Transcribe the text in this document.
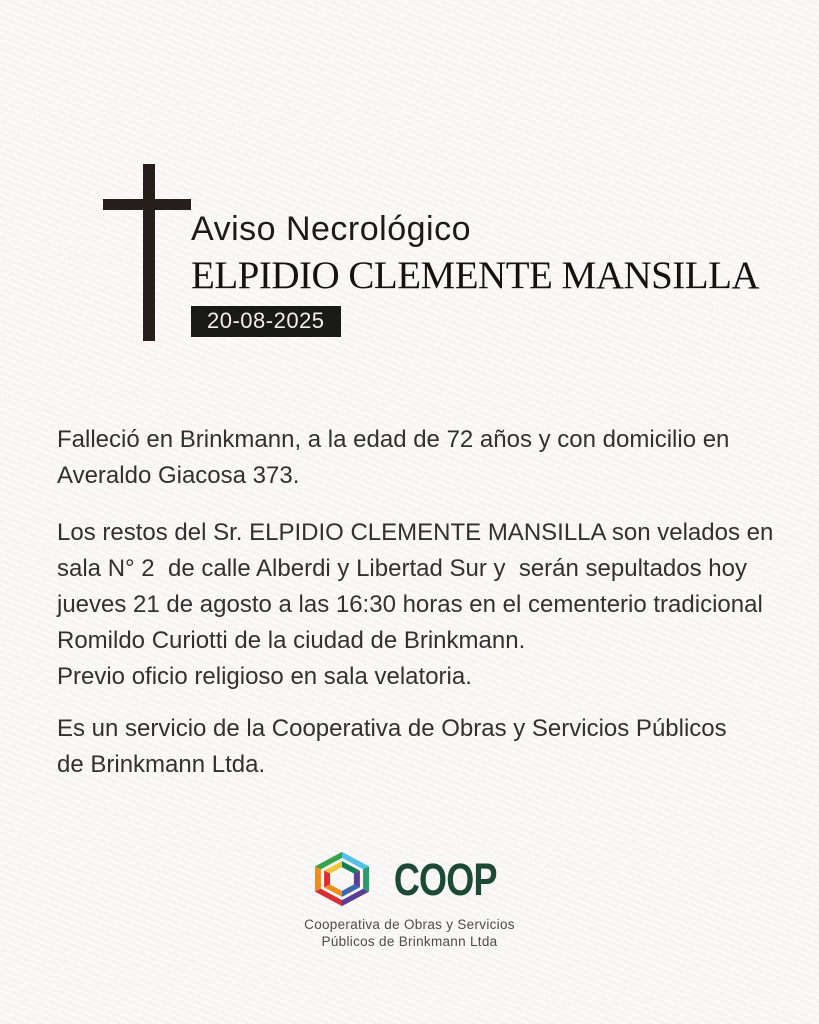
Aviso Necrológico
ELPIDIO CLEMENTE MANSILLA
20-08-2025

Falleció en Brinkmann, a la edad de 72 años y con domicilio en
Averaldo Giacosa 373.

Los restos del Sr. ELPIDIO CLEMENTE MANSILLA son velados en
sala N° 2  de calle Alberdi y Libertad Sur y  serán sepultados hoy
jueves 21 de agosto a las 16:30 horas en el cementerio tradicional
Romildo Curiotti de la ciudad de Brinkmann.
Previo oficio religioso en sala velatoria.

Es un servicio de la Cooperativa de Obras y Servicios Públicos
de Brinkmann Ltda.

COOP
Cooperativa de Obras y Servicios
Públicos de Brinkmann Ltda
